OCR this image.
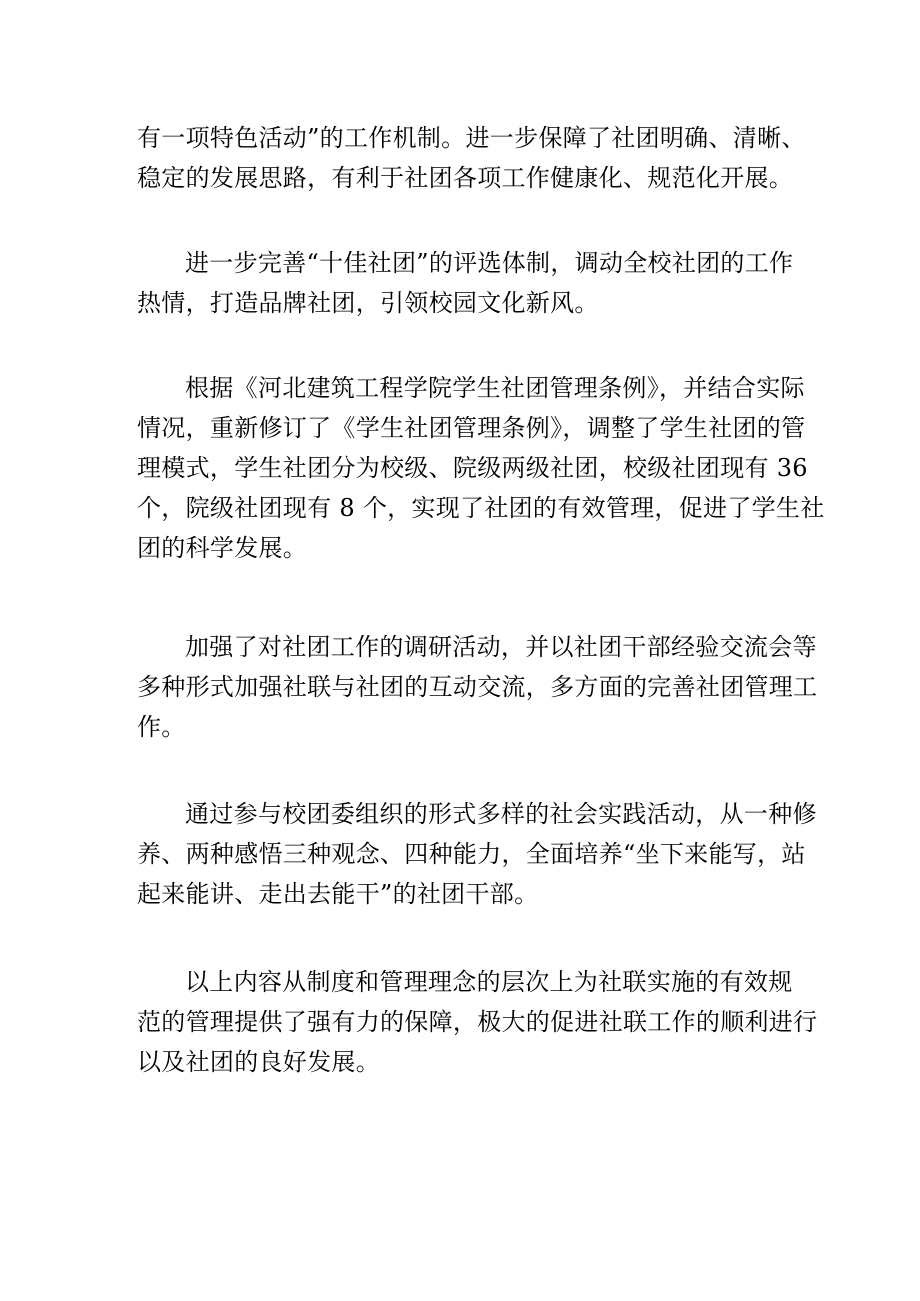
有一项特色活动”的工作机制。进一步保障了社团明确、清晰、
稳定的发展思路，有利于社团各项工作健康化、规范化开展。

进一步完善“十佳社团”的评选体制，调动全校社团的工作
热情，打造品牌社团，引领校园文化新风。

根据《河北建筑工程学院学生社团管理条例》，并结合实际
情况，重新修订了《学生社团管理条例》，调整了学生社团的管
理模式，学生社团分为校级、院级两级社团，校级社团现有 36
个，院级社团现有 8 个，实现了社团的有效管理，促进了学生社
团的科学发展。

加强了对社团工作的调研活动，并以社团干部经验交流会等
多种形式加强社联与社团的互动交流，多方面的完善社团管理工
作。

通过参与校团委组织的形式多样的社会实践活动，从一种修
养、两种感悟三种观念、四种能力，全面培养“坐下来能写，站
起来能讲、走出去能干”的社团干部。

以上内容从制度和管理理念的层次上为社联实施的有效规
范的管理提供了强有力的保障，极大的促进社联工作的顺利进行
以及社团的良好发展。
